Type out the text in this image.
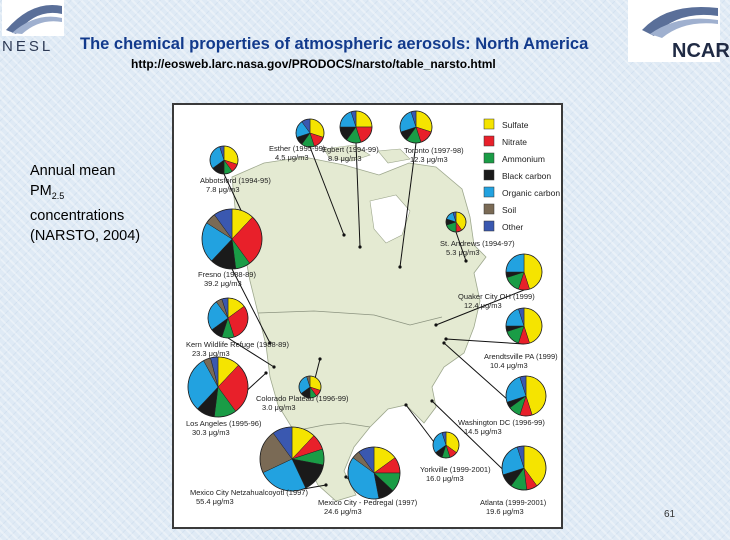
NESL	NCAR
The chemical properties of atmospheric aerosols: North America
http://eosweb.larc.nasa.gov/PRODOCS/narsto/table_narsto.html
Annual mean
$PM_{2.5}$
concentrations
(NARSTO, 2004)
Egbert (1994-99)
8.9 μg/m3
Esther (1995-99)
4.5 μg/m3
Toronto (1997-98)
12.3 μg/m3
Abbotsford (1994-95)
7.8 μg/m3
St. Andrews (1994-97)
5.3 μg/m3
Fresno (1988-89)
39.2 μg/m3
Quaker City OH (1999)
12.4 μg/m3
Kern Wildlife Refuge (1988-89)
23.3 μg/m3	Arendtsville PA (1999)
10.4 μg/m3
Colorado Plateau (1996-99)
3.0 μg/m3
Los Angeles (1995-96)
30.3 μg/m3
Washington DC (1996-99)
14.5 μg/m3
Yorkville (1999-2001)
16.0 μg/m3
Mexico City Netzahualcoyotl (1997)
55.4 μg/m3	Mexico City - Pedregal (1997)
24.6 μg/m3
Atlanta (1999-2001)
19.6 μg/m3
Sulfate
Nitrate
Ammonium
Black carbon
Organic carbon
Soil
Other
61
